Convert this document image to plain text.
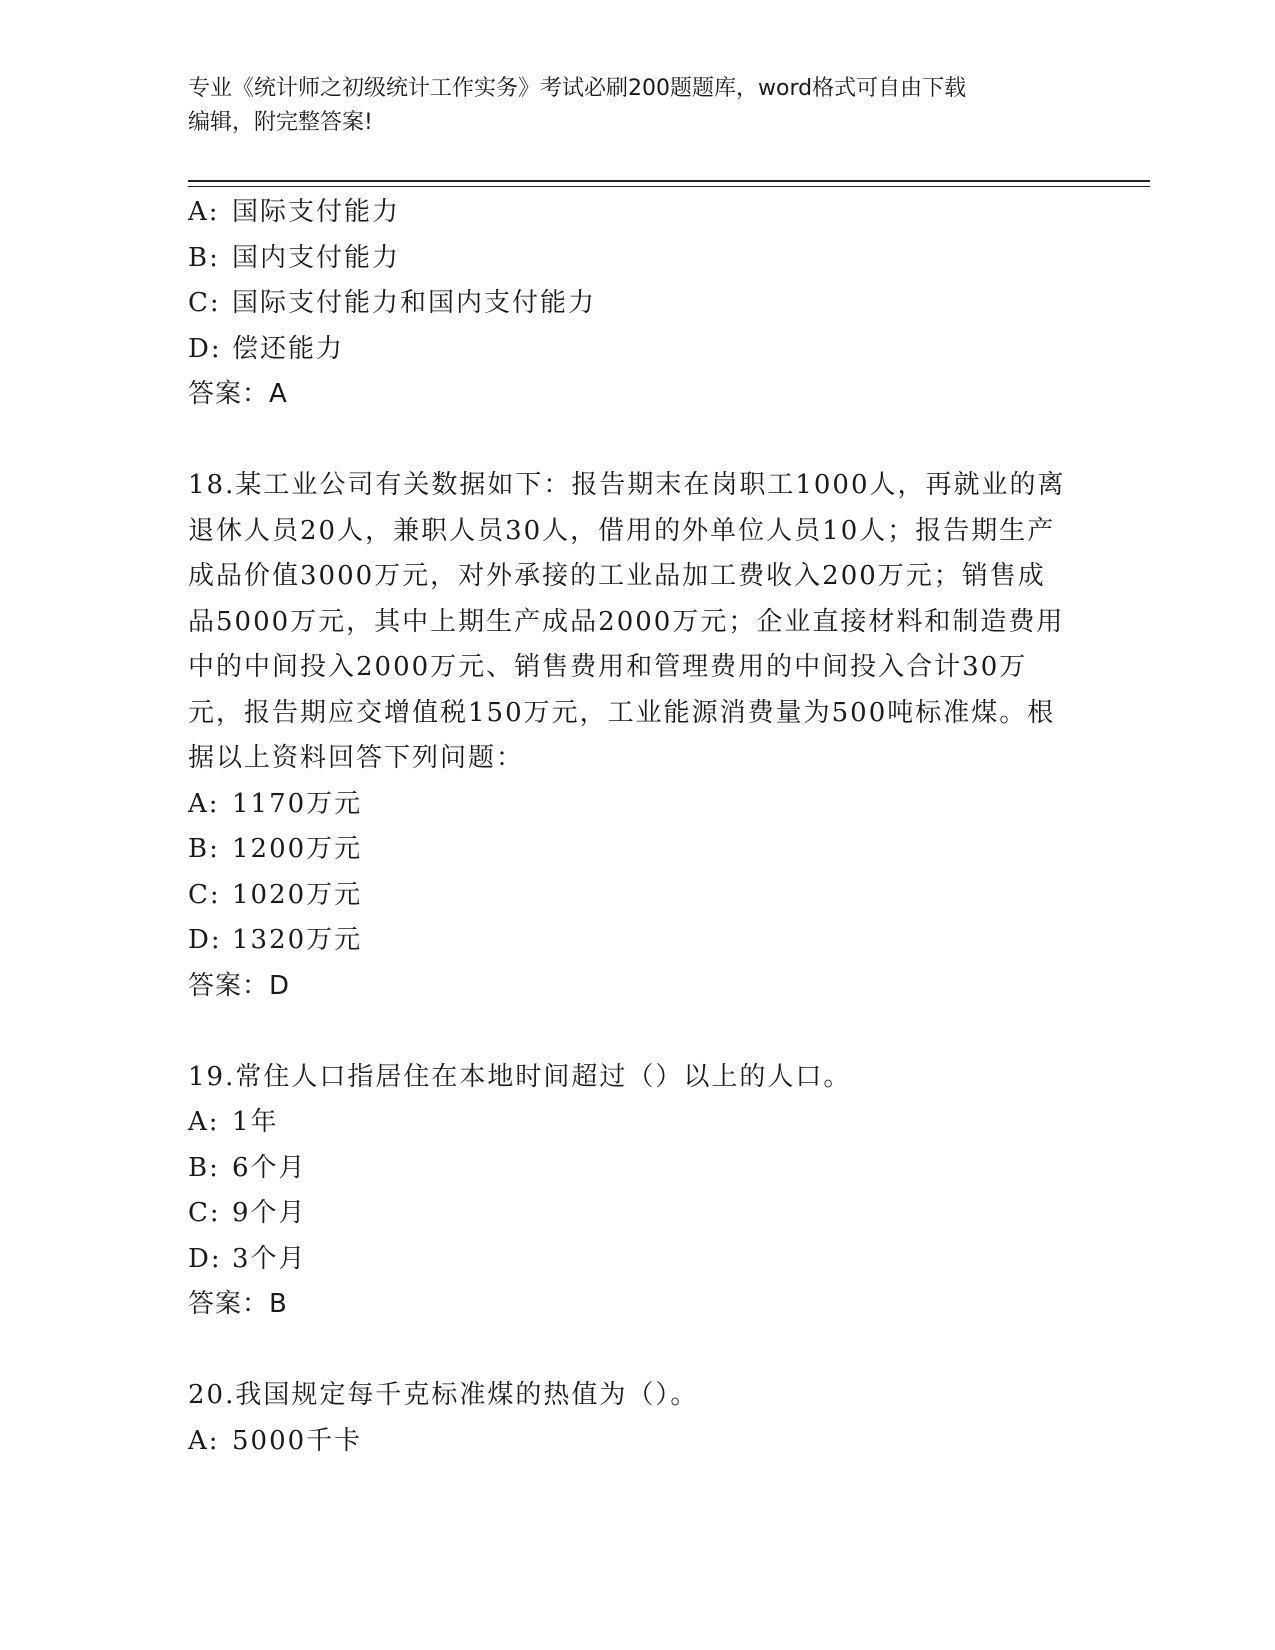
专业《统计师之初级统计工作实务》考试必刷200题题库，word格式可自由下载
编辑，附完整答案!
A: 国际支付能力
B: 国内支付能力
C: 国际支付能力和国内支付能力
D: 偿还能力
答案：A
18.某工业公司有关数据如下：报告期末在岗职工1000人，再就业的离退休人员20人，兼职人员30人，借用的外单位人员10人；报告期生产成品价值3000万元，对外承接的工业品加工费收入200万元；销售成品5000万元，其中上期生产成品2000万元；企业直接材料和制造费用中的中间投入2000万元、销售费用和管理费用的中间投入合计30万元，报告期应交增值税150万元，工业能源消费量为500吨标准煤。根据以上资料回答下列问题：
A: 1170万元
B: 1200万元
C: 1020万元
D: 1320万元
答案：D
19.常住人口指居住在本地时间超过（）以上的人口。
A: 1年
B: 6个月
C: 9个月
D: 3个月
答案：B
20.我国规定每千克标准煤的热值为（）。
A: 5000千卡
